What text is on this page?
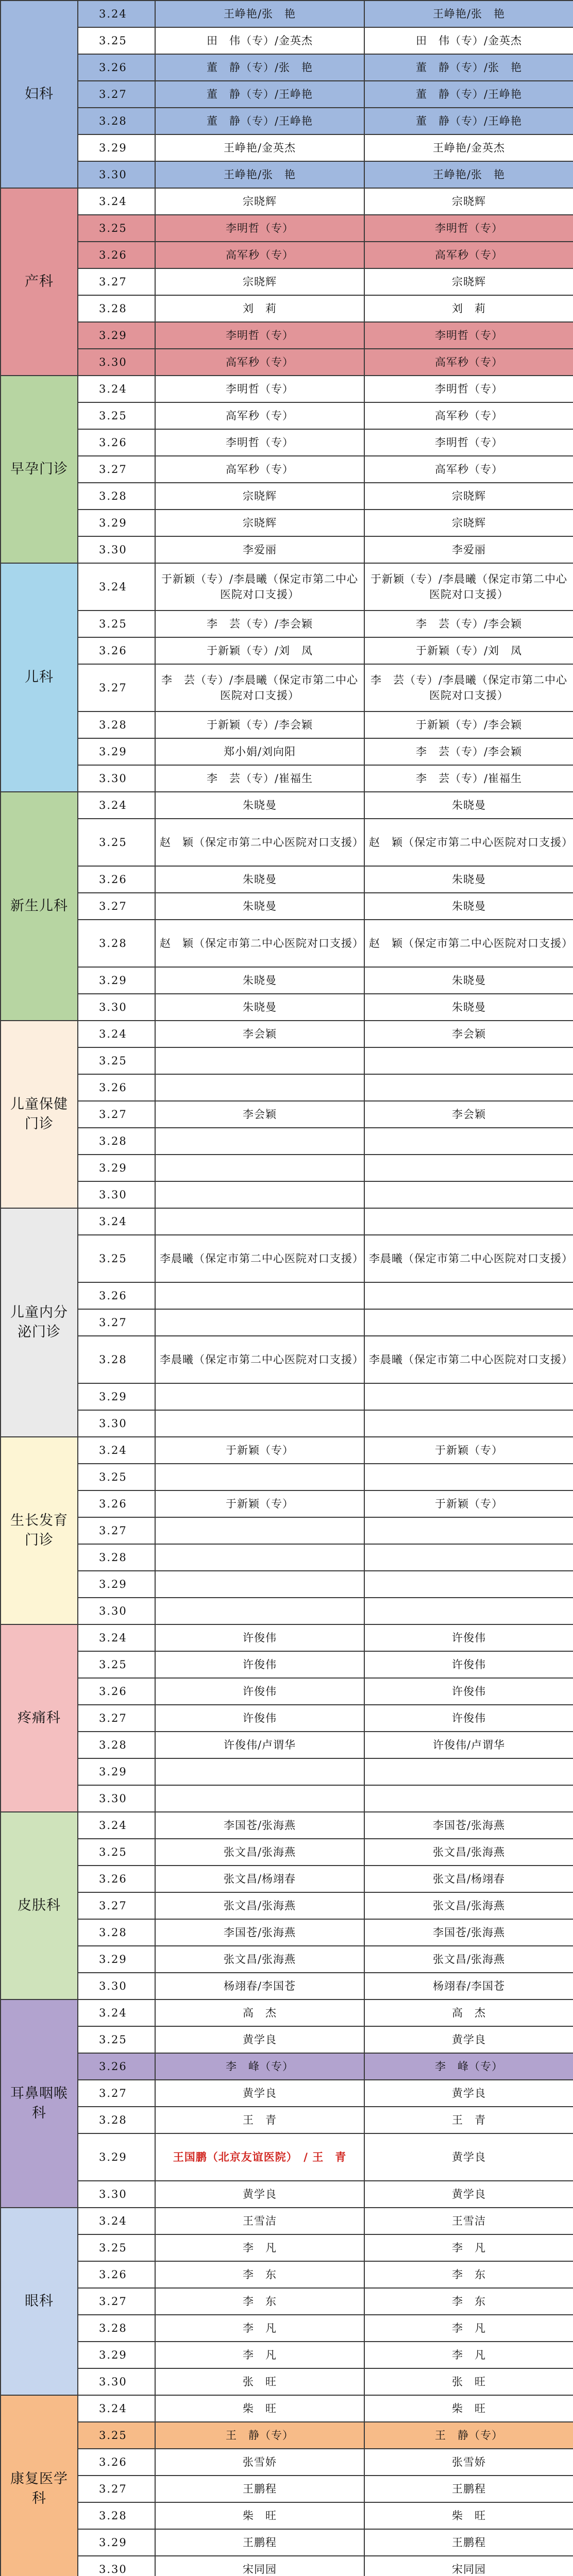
妇科	3.24	王峥艳/张　艳	王峥艳/张　艳
	3.25	田　伟（专）/金英杰	田　伟（专）/金英杰
	3.26	董　静（专）/张　艳	董　静（专）/张　艳
	3.27	董　静（专）/王峥艳	董　静（专）/王峥艳
	3.28	董　静（专）/王峥艳	董　静（专）/王峥艳
	3.29	王峥艳/金英杰	王峥艳/金英杰
	3.30	王峥艳/张　艳	王峥艳/张　艳
产科	3.24	宗晓辉	宗晓辉
	3.25	李明哲（专）	李明哲（专）
	3.26	高军秒（专）	高军秒（专）
	3.27	宗晓辉	宗晓辉
	3.28	刘　莉	刘　莉
	3.29	李明哲（专）	李明哲（专）
	3.30	高军秒（专）	高军秒（专）
早孕门诊	3.24	李明哲（专）	李明哲（专）
	3.25	高军秒（专）	高军秒（专）
	3.26	李明哲（专）	李明哲（专）
	3.27	高军秒（专）	高军秒（专）
	3.28	宗晓辉	宗晓辉
	3.29	宗晓辉	宗晓辉
	3.30	李爱丽	李爱丽
儿科	3.24	于新颖（专）/李晨曦（保定市第二中心医院对口支援）	于新颖（专）/李晨曦（保定市第二中心医院对口支援）
	3.25	李　芸（专）/李会颖	李　芸（专）/李会颖
	3.26	于新颖（专）/刘　凤	于新颖（专）/刘　凤
	3.27	李　芸（专）/李晨曦（保定市第二中心医院对口支援）	李　芸（专）/李晨曦（保定市第二中心医院对口支援）
	3.28	于新颖（专）/李会颖	于新颖（专）/李会颖
	3.29	郑小娟/刘向阳	李　芸（专）/李会颖
	3.30	李　芸（专）/崔福生	李　芸（专）/崔福生
新生儿科	3.24	朱晓曼	朱晓曼
	3.25	赵　颖（保定市第二中心医院对口支援）	赵　颖（保定市第二中心医院对口支援）
	3.26	朱晓曼	朱晓曼
	3.27	朱晓曼	朱晓曼
	3.28	赵　颖（保定市第二中心医院对口支援）	赵　颖（保定市第二中心医院对口支援）
	3.29	朱晓曼	朱晓曼
	3.30	朱晓曼	朱晓曼
儿童保健门诊	3.24	李会颖	李会颖
	3.25		
	3.26		
	3.27	李会颖	李会颖
	3.28		
	3.29		
	3.30		
儿童内分泌门诊	3.24		
	3.25	李晨曦（保定市第二中心医院对口支援）	李晨曦（保定市第二中心医院对口支援）
	3.26		
	3.27		
	3.28	李晨曦（保定市第二中心医院对口支援）	李晨曦（保定市第二中心医院对口支援）
	3.29		
	3.30		
生长发育门诊	3.24	于新颖（专）	于新颖（专）
	3.25		
	3.26	于新颖（专）	于新颖（专）
	3.27		
	3.28		
	3.29		
	3.30		
疼痛科	3.24	许俊伟	许俊伟
	3.25	许俊伟	许俊伟
	3.26	许俊伟	许俊伟
	3.27	许俊伟	许俊伟
	3.28	许俊伟/卢谓华	许俊伟/卢谓华
	3.29		
	3.30		
皮肤科	3.24	李国苍/张海燕	李国苍/张海燕
	3.25	张文昌/张海燕	张文昌/张海燕
	3.26	张文昌/杨翊春	张文昌/杨翊春
	3.27	张文昌/张海燕	张文昌/张海燕
	3.28	李国苍/张海燕	李国苍/张海燕
	3.29	张文昌/张海燕	张文昌/张海燕
	3.30	杨翊春/李国苍	杨翊春/李国苍
耳鼻咽喉科	3.24	高　杰	高　杰
	3.25	黄学良	黄学良
	3.26	李　峰（专）	李　峰（专）
	3.27	黄学良	黄学良
	3.28	王　青	王　青
	3.29	王国鹏（北京友谊医院）　/ 王　青	黄学良
	3.30	黄学良	黄学良
眼科	3.24	王雪洁	王雪洁
	3.25	李　凡	李　凡
	3.26	李　东	李　东
	3.27	李　东	李　东
	3.28	李　凡	李　凡
	3.29	李　凡	李　凡
	3.30	张　旺	张　旺
康复医学科	3.24	柴　旺	柴　旺
	3.25	王　静（专）	王　静（专）
	3.26	张雪娇	张雪娇
	3.27	王鹏程	王鹏程
	3.28	柴　旺	柴　旺
	3.29	王鹏程	王鹏程
	3.30	宋同园	宋同园
